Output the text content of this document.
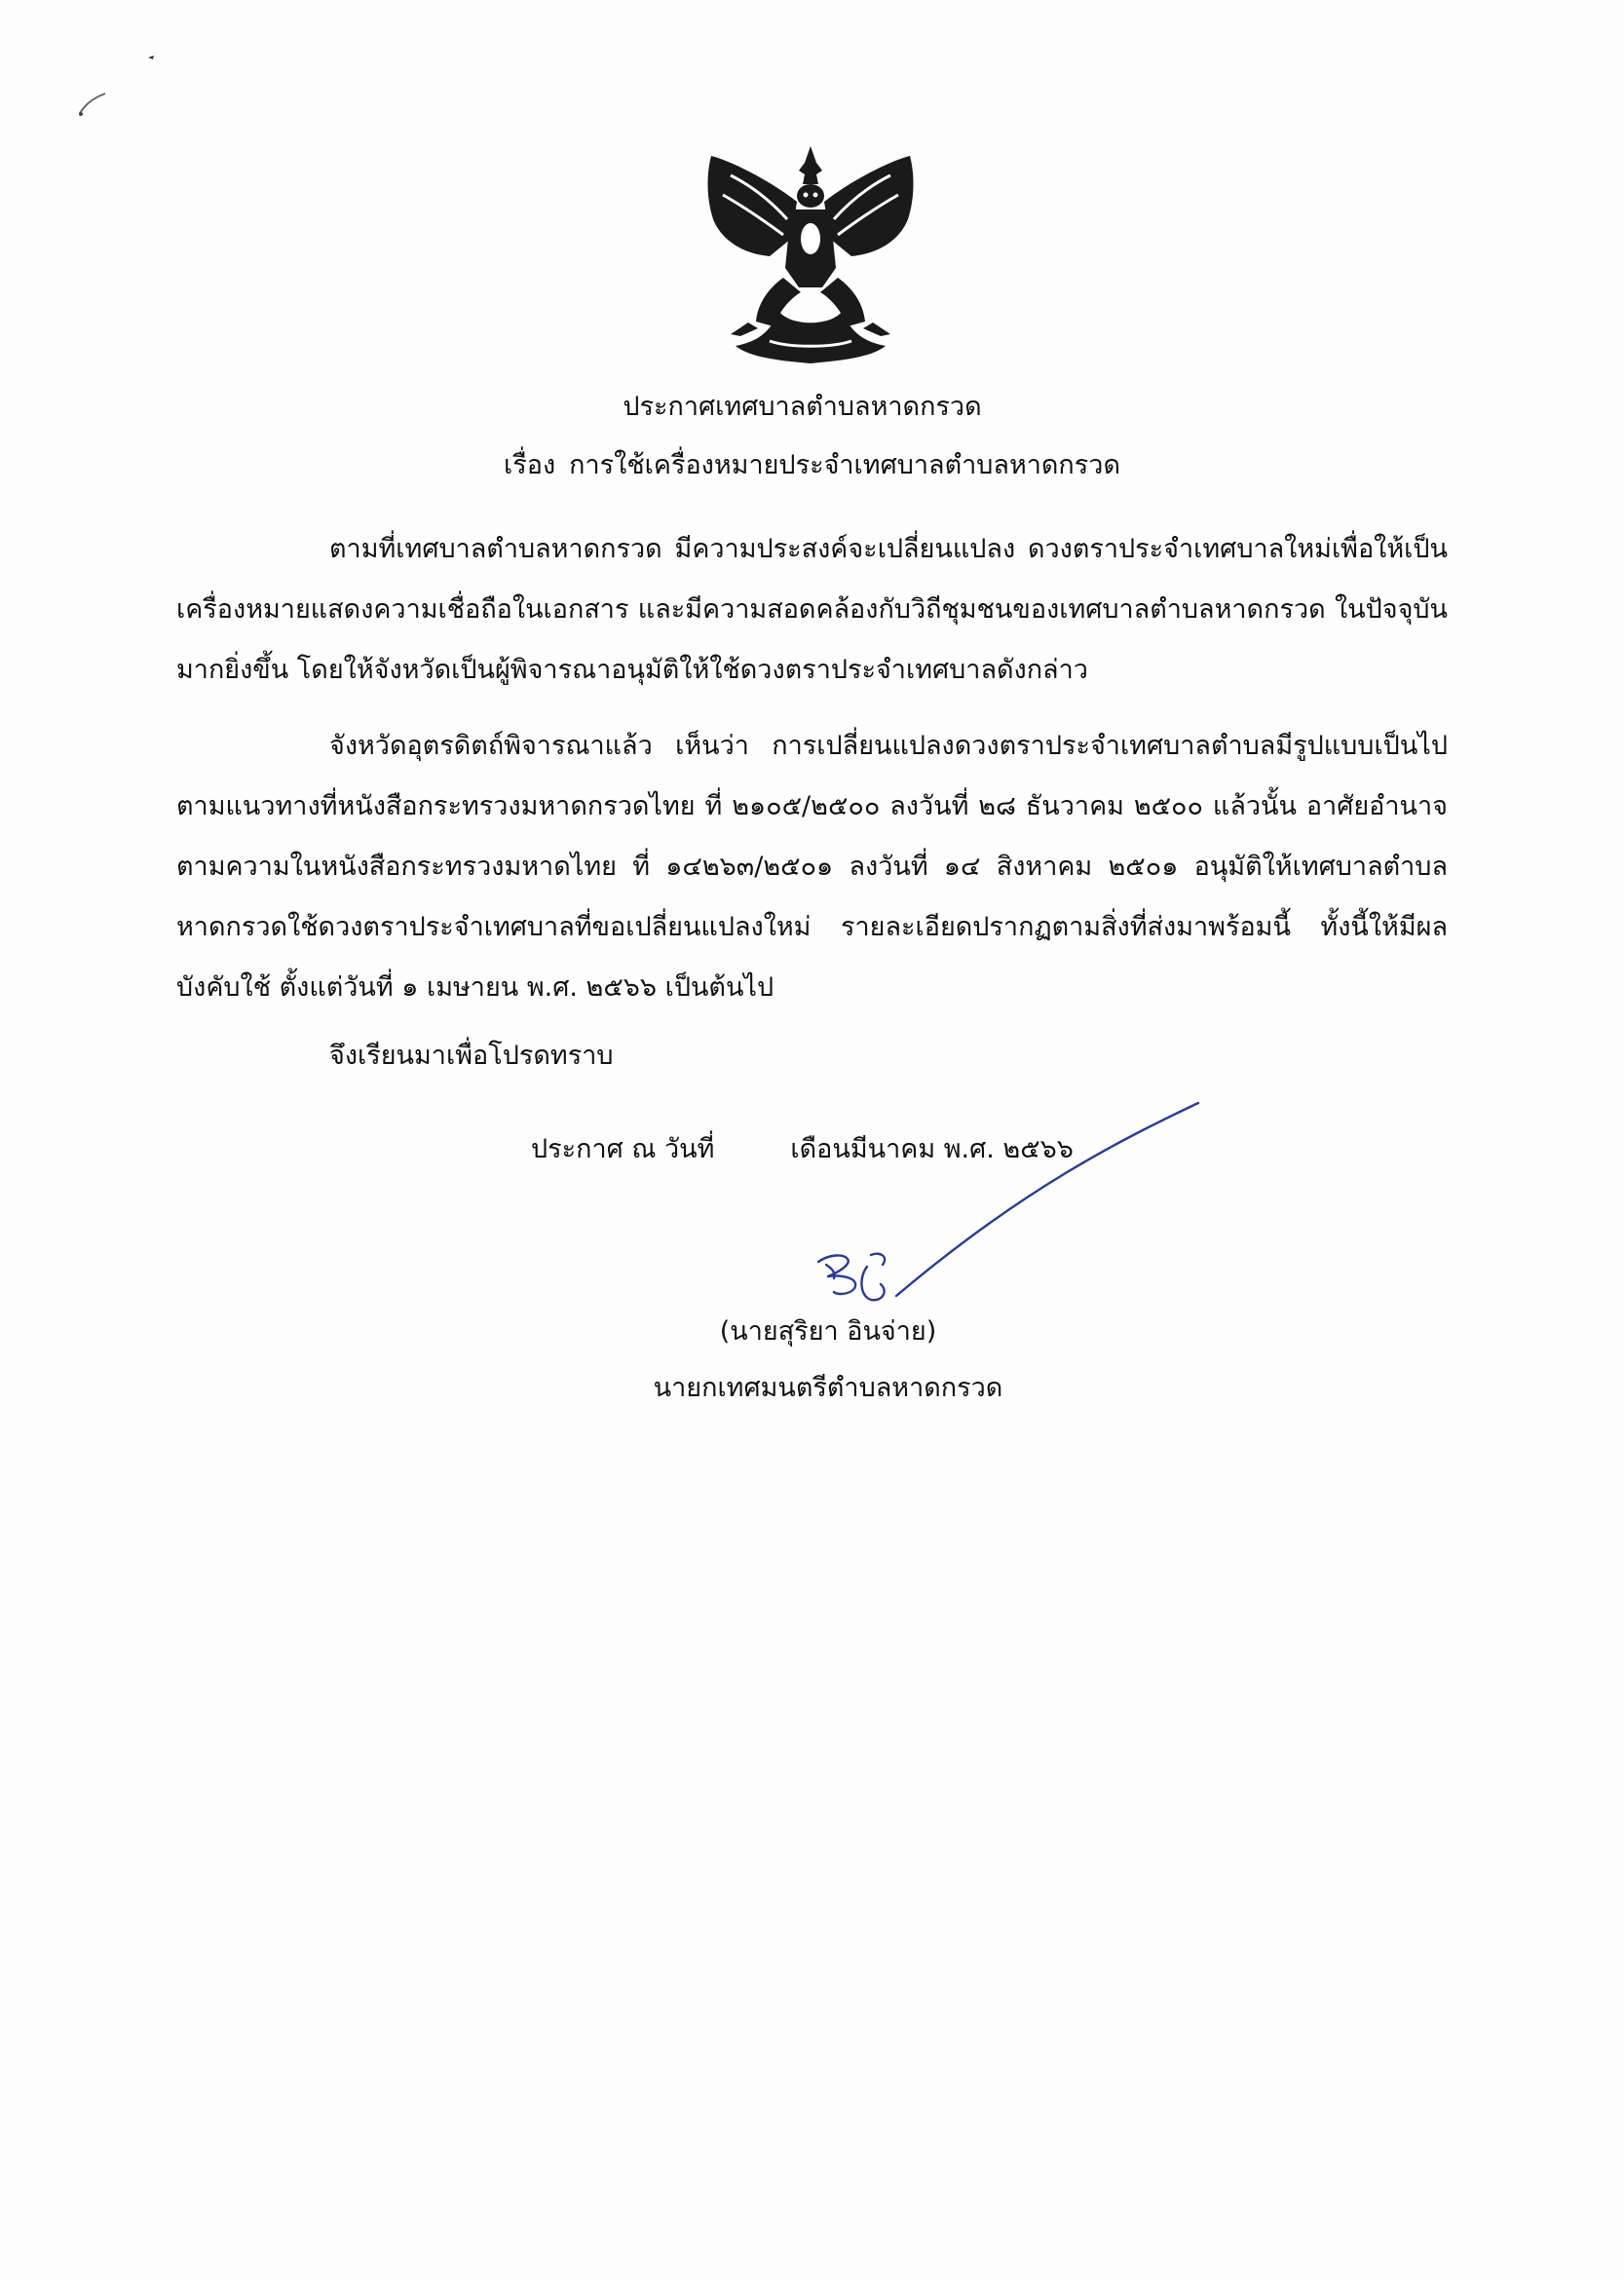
ประกาศเทศบาลตำบลหาดกรวด
เรื่อง การใช้เครื่องหมายประจำเทศบาลตำบลหาดกรวด
ตามที่เทศบาลตำบลหาดกรวด มีความประสงค์จะเปลี่ยนแปลง ดวงตราประจำเทศบาลใหม่เพื่อให้เป็นเครื่องหมายแสดงความเชื่อถือในเอกสาร และมีความสอดคล้องกับวิถีชุมชนของเทศบาลตำบลหาดกรวด ในปัจจุบันมากยิ่งขึ้น โดยให้จังหวัดเป็นผู้พิจารณาอนุมัติให้ใช้ดวงตราประจำเทศบาลดังกล่าว
จังหวัดอุตรดิตถ์พิจารณาแล้ว เห็นว่า การเปลี่ยนแปลงดวงตราประจำเทศบาลตำบลมีรูปแบบเป็นไปตามแนวทางที่หนังสือกระทรวงมหาดกรวดไทย ที่ ๒๑๐๕/๒๕๐๐ ลงวันที่ ๒๘ ธันวาคม ๒๕๐๐ แล้วนั้น อาศัยอำนาจตามความในหนังสือกระทรวงมหาดไทย ที่ ๑๔๒๖๓/๒๕๐๑ ลงวันที่ ๑๔ สิงหาคม ๒๕๐๑ อนุมัติให้เทศบาลตำบลหาดกรวดใช้ดวงตราประจำเทศบาลที่ขอเปลี่ยนแปลงใหม่ รายละเอียดปรากฏตามสิ่งที่ส่งมาพร้อมนี้ ทั้งนี้ให้มีผลบังคับใช้ ตั้งแต่วันที่ ๑ เมษายน พ.ศ. ๒๕๖๖ เป็นต้นไป
จึงเรียนมาเพื่อโปรดทราบ
ประกาศ ณ วันที่	เดือนมีนาคม พ.ศ. ๒๕๖๖
(นายสุริยา อินจ่าย)
นายกเทศมนตรีตำบลหาดกรวด
